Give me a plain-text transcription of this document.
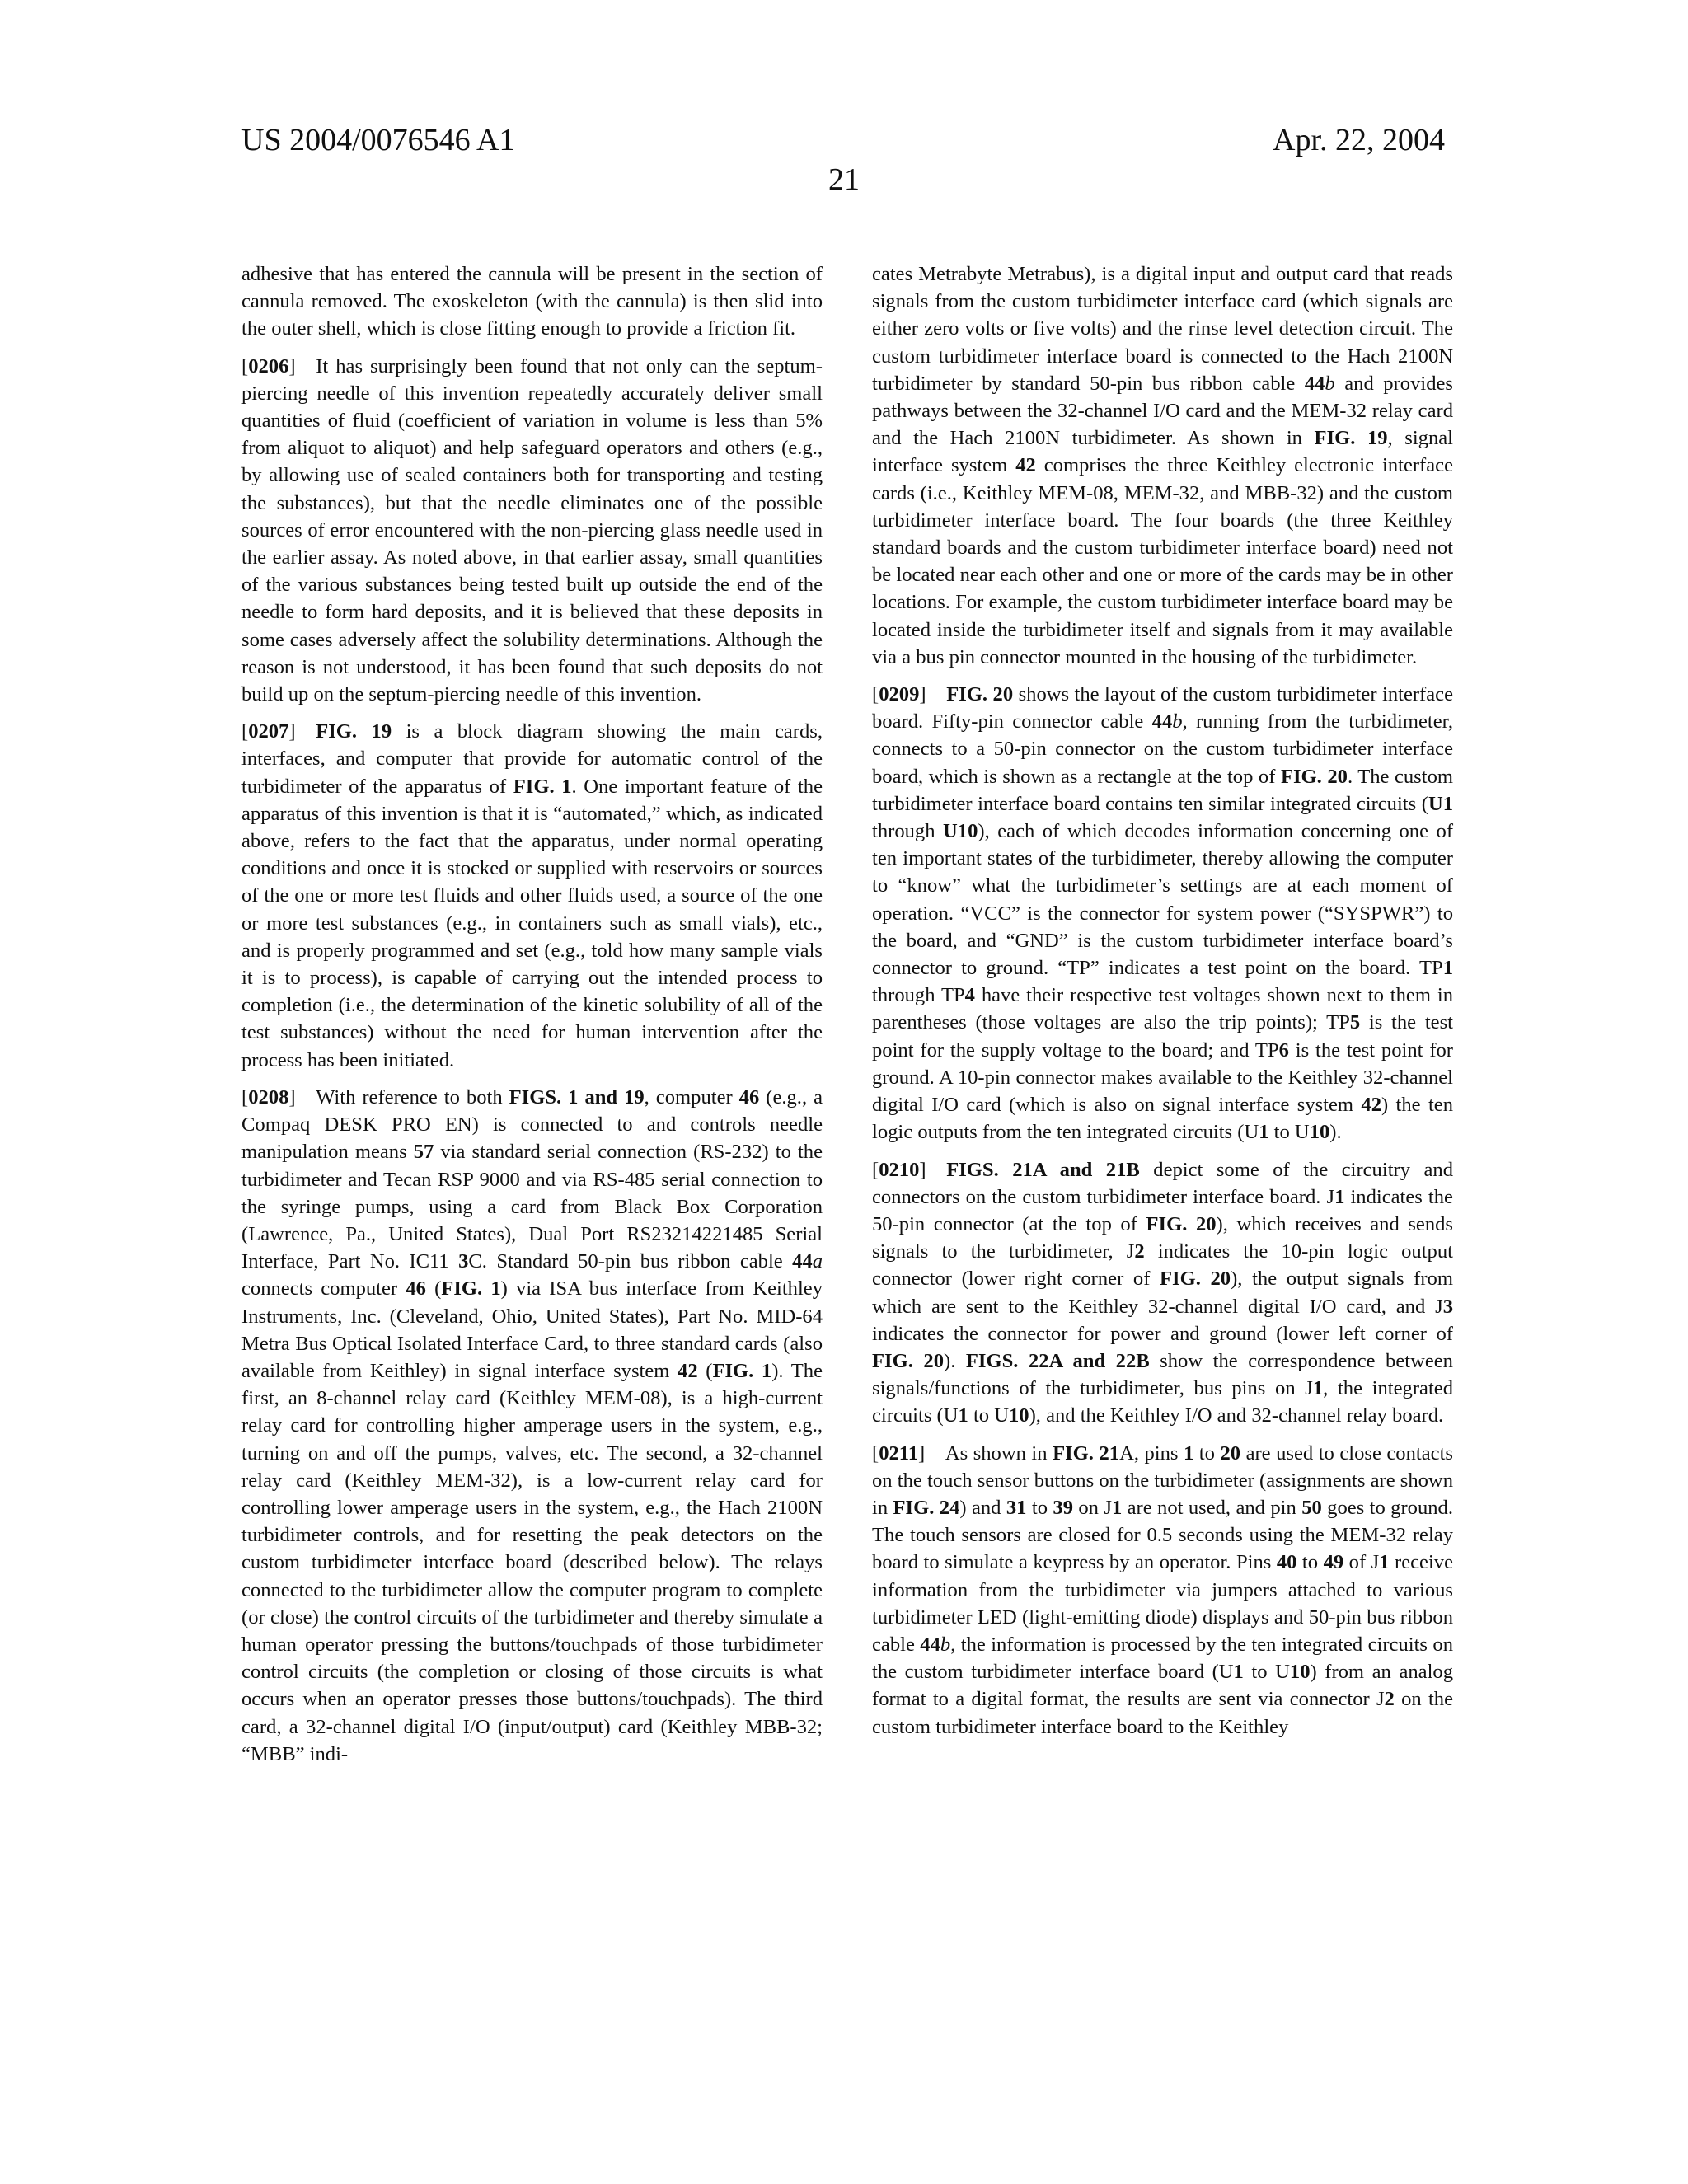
US 2004/0076546 A1	Apr. 22, 2004
21

adhesive that has entered the cannula will be present in the section of cannula removed. The exoskeleton (with the cannula) is then slid into the outer shell, which is close fitting enough to provide a friction fit.

[0206]  It has surprisingly been found that not only can the septum-piercing needle of this invention repeatedly accurately deliver small quantities of fluid (coefficient of variation in volume is less than 5% from aliquot to aliquot) and help safeguard operators and others (e.g., by allowing use of sealed containers both for transporting and testing the substances), but that the needle eliminates one of the possible sources of error encountered with the non-piercing glass needle used in the earlier assay. As noted above, in that earlier assay, small quantities of the various substances being tested built up outside the end of the needle to form hard deposits, and it is believed that these deposits in some cases adversely affect the solubility determinations. Although the reason is not understood, it has been found that such deposits do not build up on the septum-piercing needle of this invention.

[0207]  FIG. 19 is a block diagram showing the main cards, interfaces, and computer that provide for automatic control of the turbidimeter of the apparatus of FIG. 1. One important feature of the apparatus of this invention is that it is “automated,” which, as indicated above, refers to the fact that the apparatus, under normal operating conditions and once it is stocked or supplied with reservoirs or sources of the one or more test fluids and other fluids used, a source of the one or more test substances (e.g., in containers such as small vials), etc., and is properly programmed and set (e.g., told how many sample vials it is to process), is capable of carrying out the intended process to completion (i.e., the determination of the kinetic solubility of all of the test substances) without the need for human intervention after the process has been initiated.

[0208]  With reference to both FIGS. 1 and 19, computer 46 (e.g., a Compaq DESK PRO EN) is connected to and controls needle manipulation means 57 via standard serial connection (RS-232) to the turbidimeter and Tecan RSP 9000 and via RS-485 serial connection to the syringe pumps, using a card from Black Box Corporation (Lawrence, Pa., United States), Dual Port RS23214221485 Serial Interface, Part No. IC11 3C. Standard 50-pin bus ribbon cable 44a connects computer 46 (FIG. 1) via ISA bus interface from Keithley Instruments, Inc. (Cleveland, Ohio, United States), Part No. MID-64 Metra Bus Optical Isolated Interface Card, to three standard cards (also available from Keithley) in signal interface system 42 (FIG. 1). The first, an 8-channel relay card (Keithley MEM-08), is a high-current relay card for controlling higher amperage users in the system, e.g., turning on and off the pumps, valves, etc. The second, a 32-channel relay card (Keithley MEM-32), is a low-current relay card for controlling lower amperage users in the system, e.g., the Hach 2100N turbidimeter controls, and for resetting the peak detectors on the custom turbidimeter interface board (described below). The relays connected to the turbidimeter allow the computer program to complete (or close) the control circuits of the turbidimeter and thereby simulate a human operator pressing the buttons/touchpads of those turbidimeter control circuits (the completion or closing of those circuits is what occurs when an operator presses those buttons/touchpads). The third card, a 32-channel digital I/O (input/output) card (Keithley MBB-32; “MBB” indi-

cates Metrabyte Metrabus), is a digital input and output card that reads signals from the custom turbidimeter interface card (which signals are either zero volts or five volts) and the rinse level detection circuit. The custom turbidimeter interface board is connected to the Hach 2100N turbidimeter by standard 50-pin bus ribbon cable 44b and provides pathways between the 32-channel I/O card and the MEM-32 relay card and the Hach 2100N turbidimeter. As shown in FIG. 19, signal interface system 42 comprises the three Keithley electronic interface cards (i.e., Keithley MEM-08, MEM-32, and MBB-32) and the custom turbidimeter interface board. The four boards (the three Keithley standard boards and the custom turbidimeter interface board) need not be located near each other and one or more of the cards may be in other locations. For example, the custom turbidimeter interface board may be located inside the turbidimeter itself and signals from it may available via a bus pin connector mounted in the housing of the turbidimeter.

[0209]  FIG. 20 shows the layout of the custom turbidimeter interface board. Fifty-pin connector cable 44b, running from the turbidimeter, connects to a 50-pin connector on the custom turbidimeter interface board, which is shown as a rectangle at the top of FIG. 20. The custom turbidimeter interface board contains ten similar integrated circuits (U1 through U10), each of which decodes information concerning one of ten important states of the turbidimeter, thereby allowing the computer to “know” what the turbidimeter’s settings are at each moment of operation. “VCC” is the connector for system power (“SYSPWR”) to the board, and “GND” is the custom turbidimeter interface board’s connector to ground. “TP” indicates a test point on the board. TP1 through TP4 have their respective test voltages shown next to them in parentheses (those voltages are also the trip points); TP5 is the test point for the supply voltage to the board; and TP6 is the test point for ground. A 10-pin connector makes available to the Keithley 32-channel digital I/O card (which is also on signal interface system 42) the ten logic outputs from the ten integrated circuits (U1 to U10).

[0210]  FIGS. 21A and 21B depict some of the circuitry and connectors on the custom turbidimeter interface board. J1 indicates the 50-pin connector (at the top of FIG. 20), which receives and sends signals to the turbidimeter, J2 indicates the 10-pin logic output connector (lower right corner of FIG. 20), the output signals from which are sent to the Keithley 32-channel digital I/O card, and J3 indicates the connector for power and ground (lower left corner of FIG. 20). FIGS. 22A and 22B show the correspondence between signals/functions of the turbidimeter, bus pins on J1, the integrated circuits (U1 to U10), and the Keithley I/O and 32-channel relay board.

[0211]  As shown in FIG. 21A, pins 1 to 20 are used to close contacts on the touch sensor buttons on the turbidimeter (assignments are shown in FIG. 24) and 31 to 39 on J1 are not used, and pin 50 goes to ground. The touch sensors are closed for 0.5 seconds using the MEM-32 relay board to simulate a keypress by an operator. Pins 40 to 49 of J1 receive information from the turbidimeter via jumpers attached to various turbidimeter LED (light-emitting diode) displays and 50-pin bus ribbon cable 44b, the information is processed by the ten integrated circuits on the custom turbidimeter interface board (U1 to U10) from an analog format to a digital format, the results are sent via connector J2 on the custom turbidimeter interface board to the Keithley
